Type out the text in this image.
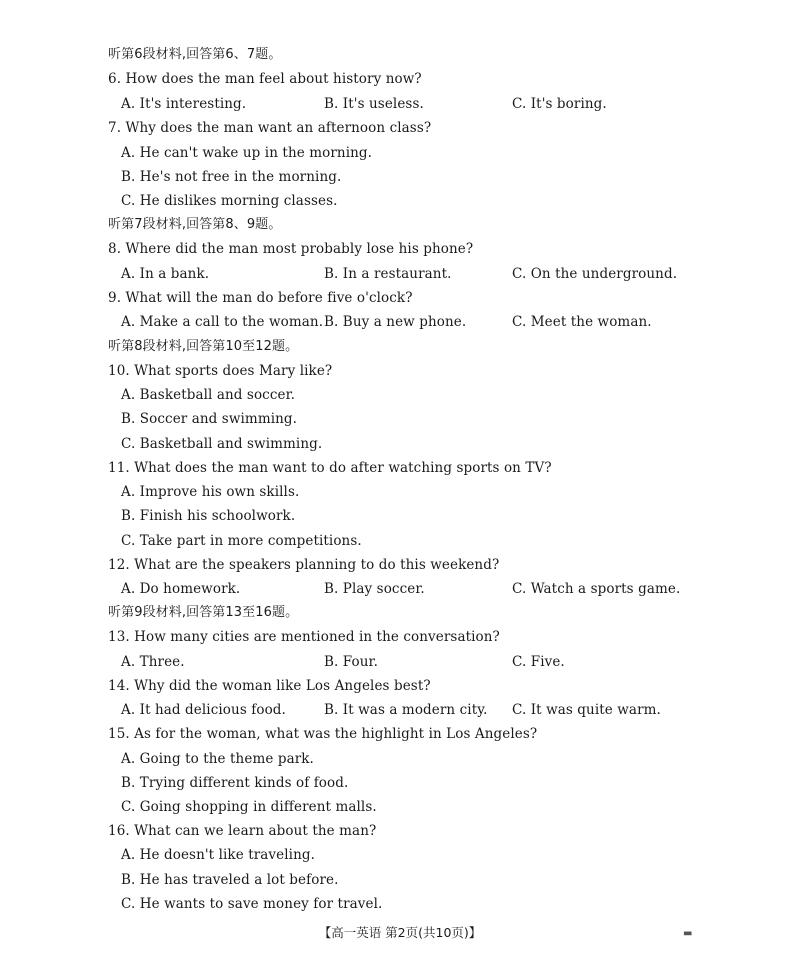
听第6段材料,回答第6、7题。
6. How does the man feel about history now?
A. It's interesting.	B. It's useless.	C. It's boring.
7. Why does the man want an afternoon class?
A. He can't wake up in the morning.
B. He's not free in the morning.
C. He dislikes morning classes.
听第7段材料,回答第8、9题。
8. Where did the man most probably lose his phone?
A. In a bank.	B. In a restaurant.	C. On the underground.
9. What will the man do before five o'clock?
A. Make a call to the woman. B. Buy a new phone.	C. Meet the woman.
听第8段材料,回答第10至12题。
10. What sports does Mary like?
A. Basketball and soccer.
B. Soccer and swimming.
C. Basketball and swimming.
11. What does the man want to do after watching sports on TV?
A. Improve his own skills.
B. Finish his schoolwork.
C. Take part in more competitions.
12. What are the speakers planning to do this weekend?
A. Do homework.	B. Play soccer.	C. Watch a sports game.
听第9段材料,回答第13至16题。
13. How many cities are mentioned in the conversation?
A. Three.	B. Four.	C. Five.
14. Why did the woman like Los Angeles best?
A. It had delicious food.	B. It was a modern city. C. It was quite warm.
15. As for the woman, what was the highlight in Los Angeles?
A. Going to the theme park.
B. Trying different kinds of food.
C. Going shopping in different malls.
16. What can we learn about the man?
A. He doesn't like traveling.
B. He has traveled a lot before.
C. He wants to save money for travel.
【高一英语 第2页(共10页)】	▬
